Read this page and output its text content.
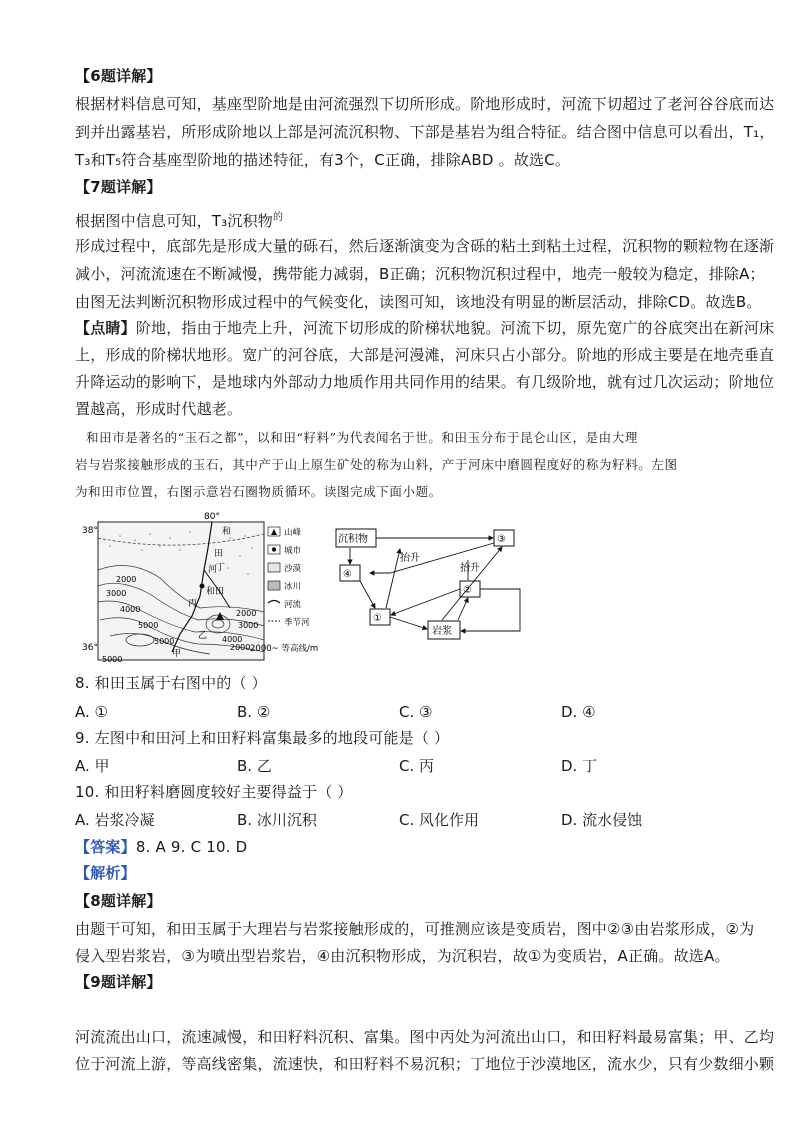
【6题详解】
根据材料信息可知，基座型阶地是由河流强烈下切所形成。阶地形成时，河流下切超过了老河谷谷底而达
到并出露基岩，所形成阶地以上部是河流沉积物、下部是基岩为组合特征。结合图中信息可以看出，T₁，
T₃和T₅符合基座型阶地的描述特征，有3个，C正确，排除ABD 。故选C。
【7题详解】
根据图中信息可知，T₃沉积物$^的$
形成过程中，底部先是形成大量的砾石，然后逐渐演变为含砾的粘土到粘土过程，沉积物的颗粒物在逐渐
减小，河流流速在不断减慢，携带能力减弱，B正确；沉积物沉积过程中，地壳一般较为稳定，排除A；
由图无法判断沉积物形成过程中的气候变化，读图可知，该地没有明显的断层活动，排除CD。故选B。
【点睛】阶地，指由于地壳上升，河流下切形成的阶梯状地貌。河流下切，原先宽广的谷底突出在新河床
上，形成的阶梯状地形。宽广的河谷底，大部是河漫滩，河床只占小部分。阶地的形成主要是在地壳垂直
升降运动的影响下，是地球内外部动力地质作用共同作用的结果。有几级阶地，就有过几次运动；阶地位
置越高，形成时代越老。
和田市是著名的“玉石之都”，以和田“籽料”为代表闻名于世。和田玉分布于昆仑山区，是由大理
岩与岩浆接触形成的玉石，其中产于山上原生矿处的称为山料，产于河床中磨圆程度好的称为籽料。左图
为和田市位置，右图示意岩石圈物质循环。读图完成下面小题。
80°
38°
36°
和
田
河
和田
丙
乙
甲
丁
2000
3000
4000
5000
2000
3000
4000
5000
2000
5000
山峰
城市
沙漠
冰川
河流
季节河
2000~ 等高线/m
沉积物	③
④
①
②
岩浆
抬升
抬升
8. 和田玉属于右图中的（ ）
A. ①	B. ②	C. ③	D. ④
9. 左图中和田河上和田籽料富集最多的地段可能是（ ）
A. 甲	B. 乙	C. 丙	D. 丁
10. 和田籽料磨圆度较好主要得益于（ ）
A. 岩浆冷凝	B. 冰川沉积	C. 风化作用	D. 流水侵蚀
【答案】8. A 9. C 10. D
【解析】
【8题详解】
由题干可知，和田玉属于大理岩与岩浆接触形成的，可推测应该是变质岩，图中②③由岩浆形成，②为
侵入型岩浆岩，③为喷出型岩浆岩，④由沉积物形成，为沉积岩，故①为变质岩，A正确。故选A。
【9题详解】
河流流出山口，流速减慢，和田籽料沉积、富集。图中丙处为河流出山口，和田籽料最易富集；甲、乙均
位于河流上游，等高线密集，流速快，和田籽料不易沉积；丁地位于沙漠地区，流水少，只有少数细小颗
